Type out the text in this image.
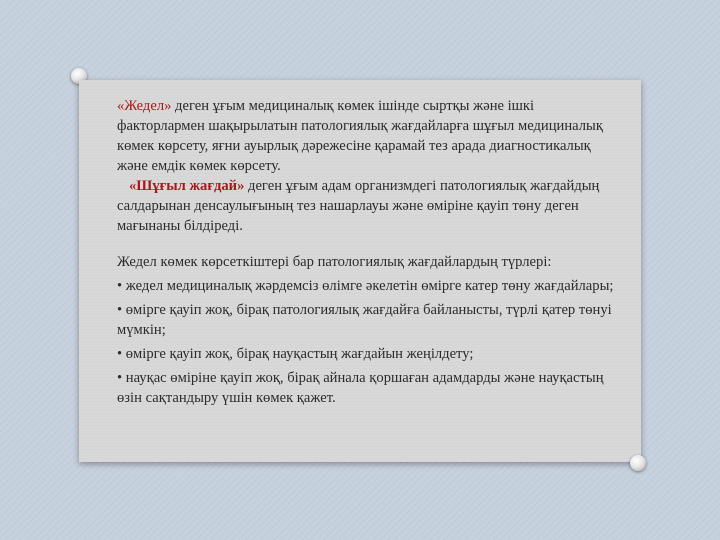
«Жедел» деген ұғым медициналық көмек ішінде сыртқы және ішкі факторлармен шақырылатын патологиялық жағдайларға шұғыл медициналық көмек көрсету, яғни ауырлық дәрежесіне қарамай тез арада диагностикалық және емдік көмек көрсету.

«Шұғыл жағдай» деген ұғым адам организмдегі патологиялық жағдайдың салдарынан денсаулығының тез нашарлауы және өміріне қауіп төну деген мағынаны білдіреді.

Жедел көмек көрсеткіштері бар патологиялық жағдайлардың түрлері:

• жедел медициналық жәрдемсіз өлімге әкелетін өмірге катер төну жағдайлары;

• өмірге қауіп жоқ, бірақ патологиялық жағдайға байланысты, түрлі қатер төнуі мүмкін;

• өмірге қауіп жоқ, бірақ науқастың жағдайын жеңілдету;

• науқас өміріне қауіп жоқ, бірақ айнала қоршаған адамдарды және науқастың өзін сақтандыру үшін көмек қажет.
